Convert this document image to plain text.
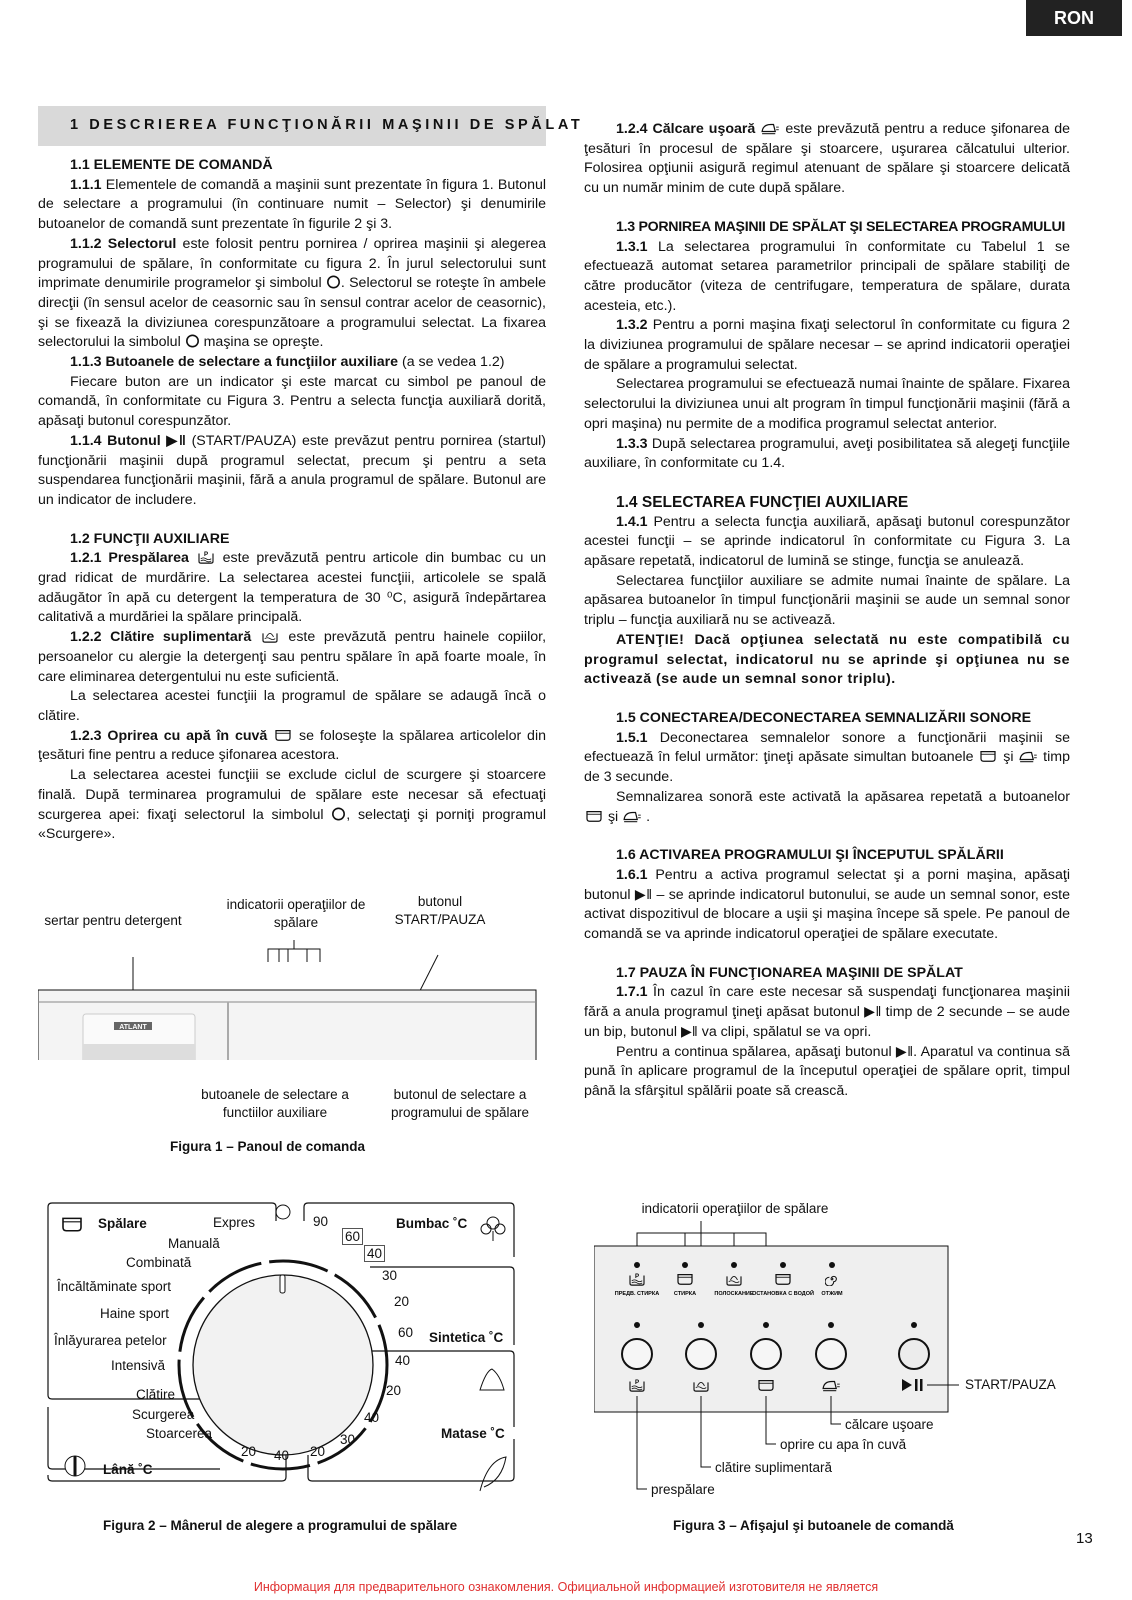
RON
1 DESCRIEREA FUNCŢIONĂRII MAŞINII DE SPĂLAT
1.1 ELEMENTE DE COMANDĂ
1.1.1 Elementele de comandă a maşinii sunt prezentate în figura 1. Butonul de selectare a programului (în continuare numit – Selector) şi denumirile butoanelor de comandă sunt prezentate în figurile 2 şi 3.
1.1.2 Selectorul este folosit pentru pornirea / oprirea maşinii şi alegerea programului de spălare, în conformitate cu figura 2. În jurul selectorului sunt imprimate denumirile programelor şi simbolul . Selectorul se roteşte în ambele direcţii (în sensul acelor de ceasornic sau în sensul contrar acelor de ceasornic), şi se fixează la diviziunea corespunzătoare a programului selectat. La fixarea selectorului la simbolul  maşina se opreşte.
1.1.3 Butoanele de selectare a funcţiilor auxiliare (a se vedea 1.2)
Fiecare buton are un indicator şi este marcat cu simbol pe panoul de comandă, în conformitate cu Figura 3. Pentru a selecta funcţia auxiliară dorită, apăsaţi butonul corespunzător.
1.1.4 Butonul ▶‖ (START/PAUZA) este prevăzut pentru pornirea (startul) funcţionării maşinii după programul selectat, precum şi pentru a seta suspendarea funcţionării maşinii, fără a anula programul de spălare. Butonul are un indicator de includere.
1.2 FUNCŢII AUXILIARE
1.2.1 Prespălarea  este prevăzută pentru articole din bumbac cu un grad ridicat de murdărire. La selectarea acestei funcţiii, articolele se spală adăugător în apă cu detergent la temperatura de 30 ⁰C, asigură îndepărtarea calitativă a murdăriei la spălare principală.
1.2.2 Clătire suplimentară  este prevăzută pentru hainele copiilor, persoanelor cu alergie la detergenţi sau pentru spălare în apă foarte moale, în care eliminarea detergentului nu este suficientă.
La selectarea acestei funcţiii la programul de spălare se adaugă încă o clătire.
1.2.3 Oprirea cu apă în cuvă  se foloseşte la spălarea articolelor din ţesături fine pentru a reduce şifonarea acestora.
La selectarea acestei funcţiii se exclude ciclul de scurgere şi stoarcere finală. După terminarea programului de spălare este necesar să efectuaţi scurgerea apei: fixaţi selectorul la simbolul , selectaţi şi porniţi programul «Scurgere».
1.2.4 Călcare uşoară  este prevăzută pentru a reduce şifonarea de ţesături în procesul de spălare şi stoarcere, uşurarea călcatului ulterior. Folosirea opţiunii asigură regimul atenuant de spălare şi stoarcere delicată cu un număr minim de cute după spălare.
1.3 PORNIREA MAŞINII DE SPĂLAT ŞI SELECTAREA PROGRAMULUI
1.3.1 La selectarea programului în conformitate cu Tabelul 1 se efectuează automat setarea parametrilor principali de spălare stabiliţi de către producător (viteza de centrifugare, temperatura de spălare, durata acesteia, etc.).
1.3.2 Pentru a porni maşina fixaţi selectorul în conformitate cu figura 2 la diviziunea programului de spălare necesar – se aprind indicatorii operaţiei de spălare a programului selectat.
Selectarea programului se efectuează numai înainte de spălare. Fixarea selectorului la diviziunea unui alt program în timpul funcţionării maşinii (fără a opri maşina) nu permite de a modifica programul selectat anterior.
1.3.3 După selectarea programului, aveţi posibilitatea să alegeţi funcţiile auxiliare, în conformitate cu 1.4.
1.4 SELECTAREA FUNCŢIEI AUXILIARE
1.4.1 Pentru a selecta funcţia auxiliară, apăsaţi butonul corespunzător acestei funcţii – se aprinde indicatorul în conformitate cu Figura 3. La apăsare repetată, indicatorul de lumină se stinge, funcţia se anulează.
Selectarea funcţiilor auxiliare se admite numai înainte de spălare. La apăsarea butoanelor în timpul funcţionării maşinii se aude un semnal sonor triplu – funcţia auxiliară nu se activează.
ATENŢIE! Dacă opţiunea selectată nu este compatibilă cu programul selectat, indicatorul nu se aprinde şi opţiunea nu se activează (se aude un semnal sonor triplu).
1.5 CONECTAREA/DECONECTAREA SEMNALIZĂRII SONORE
1.5.1 Deconectarea semnalelor sonore a funcţionării maşinii se efectuează în felul următor: ţineţi apăsate simultan butoanele  şi  timp de 3 secunde.
Semnalizarea sonoră este activată la apăsarea repetată a butoanelor  şi  .
1.6 ACTIVAREA PROGRAMULUI ŞI ÎNCEPUTUL SPĂLĂRII
1.6.1 Pentru a activa programul selectat şi a porni maşina, apăsaţi butonul ▶‖ – se aprinde indicatorul butonului, se aude un semnal sonor, este activat dispozitivul de blocare a uşii şi maşina începe să spele. Pe panoul de comandă se va aprinde indicatorul operaţiei de spălare executate.
1.7 PAUZA ÎN FUNCŢIONAREA MAŞINII DE SPĂLAT
1.7.1 În cazul în care este necesar să suspendaţi funcţionarea maşinii fără a anula programul ţineţi apăsat butonul ▶‖ timp de 2 secunde – se aude un bip, butonul ▶‖ va clipi, spălatul se va opri.
Pentru a continua spălarea, apăsaţi butonul ▶‖. Aparatul va continua să pună în aplicare programul de la începutul operaţiei de spălare oprit, timpul până la sfârşitul spălării poate să crească.
sertar pentru detergent
indicatorii operaţiilor de spălare
butonul START/PAUZA
ATLANT
butoanele de selectare a functiilor auxiliare
butonul de selectare a programului de spălare
Figura 1 – Panoul de comanda
Spălare	Expres
Manuală
Combinată
Încăltăminate sport
Haine sport
Înlăyurarea petelor
Intensivă
Clătire
Scurgerea
Stoarcerea
Lână ˚C
Bumbac ˚C
Sintetica ˚C
Matase ˚C
90
60
40
30
20
60
40
20
40
30
20
20 40
Figura 2 – Mânerul de alegere a programului de spălare
indicatorii operaţiilor de spălare
ПРЕДВ. СТИРКА	СТИРКА	ПОЛОСКАНИЕ
ОСТАНОВКА С ВОДОЙ ОТЖИМ
START/PAUZA
călcare uşoare
oprire cu apa în cuvă
clătire suplimentară
prespălare
Figura 3 – Afişajul şi butoanele de comandă
13
Информация для предварительного ознакомления. Официальной информацией изготовителя не является
